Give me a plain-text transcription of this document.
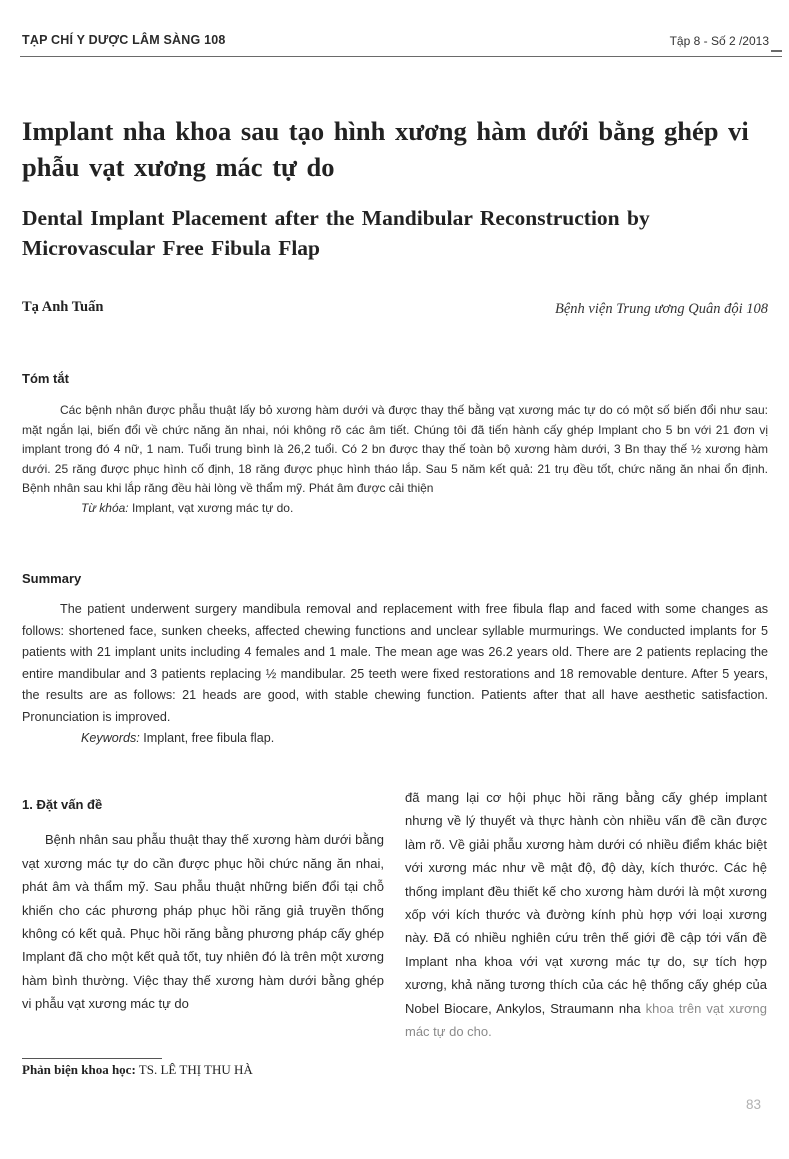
TẠP CHÍ Y DƯỢC LÂM SÀNG 108	Tập 8 - Số 2 /2013
Implant nha khoa sau tạo hình xương hàm dưới bằng ghép vi phẫu vạt xương mác tự do
Dental Implant Placement after the Mandibular Reconstruction by Microvascular Free Fibula Flap
Tạ Anh Tuấn	Bệnh viện Trung ương Quân đội 108
Tóm tắt

Các bệnh nhân được phẫu thuật lấy bỏ xương hàm dưới và được thay thế bằng vạt xương mác tự do có một số biến đổi như sau: mặt ngắn lại, biến đổi về chức năng ăn nhai, nói không rõ các âm tiết. Chúng tôi đã tiến hành cấy ghép Implant cho 5 bn với 21 đơn vị implant trong đó 4 nữ, 1 nam. Tuổi trung bình là 26,2 tuổi. Có 2 bn được thay thế toàn bộ xương hàm dưới, 3 Bn thay thế ½ xương hàm dưới. 25 răng được phục hình cố định, 18 răng được phục hình tháo lắp. Sau 5 năm kết quả: 21 trụ đều tốt, chức năng ăn nhai ổn định. Bệnh nhân sau khi lắp răng đều hài lòng về thẩm mỹ. Phát âm được cải thiện

Từ khóa: Implant, vạt xương mác tự do.
Summary

The patient underwent surgery mandibula removal and replacement with free fibula flap and faced with some changes as follows: shortened face, sunken cheeks, affected chewing functions and unclear syllable murmurings. We conducted implants for 5 patients with 21 implant units including 4 females and 1 male. The mean age was 26.2 years old. There are 2 patients replacing the entire mandibular and 3 patients replacing ½ mandibular. 25 teeth were fixed restorations and 18 removable denture. After 5 years, the results are as follows: 21 heads are good, with stable chewing function. Patients after that all have aesthetic satisfaction. Pronunciation is improved.

Keywords: Implant, free fibula flap.
1. Đặt vấn đề

Bệnh nhân sau phẫu thuật thay thế xương hàm dưới bằng vạt xương mác tự do cần được phục hồi chức năng ăn nhai, phát âm và thẩm mỹ. Sau phẫu thuật những biến đổi tại chỗ khiến cho các phương pháp phục hồi răng giả truyền thống không có kết quả. Phục hồi răng bằng phương pháp cấy ghép Implant đã cho một kết quả tốt, tuy nhiên đó là trên một xương hàm bình thường. Việc thay thế xương hàm dưới bằng ghép vi phẫu vạt xương mác tự do

đã mang lại cơ hội phục hồi răng bằng cấy ghép implant nhưng về lý thuyết và thực hành còn nhiều vấn đề cần được làm rõ. Về giải phẫu xương hàm dưới có nhiều điểm khác biệt với xương mác như về mật độ, độ dày, kích thước. Các hệ thống implant đều thiết kế cho xương hàm dưới là một xương xốp với kích thước và đường kính phù hợp với loại xương này. Đã có nhiều nghiên cứu trên thế giới đề cập tới vấn đề Implant nha khoa với vạt xương mác tự do, sự tích hợp xương, khả năng tương thích của các hệ thống cấy ghép của Nobel Biocare, Ankylos, Straumann nha khoa trên vạt xương mác tự do cho.

Phản biện khoa học: TS. LÊ THỊ THU HÀ
83
